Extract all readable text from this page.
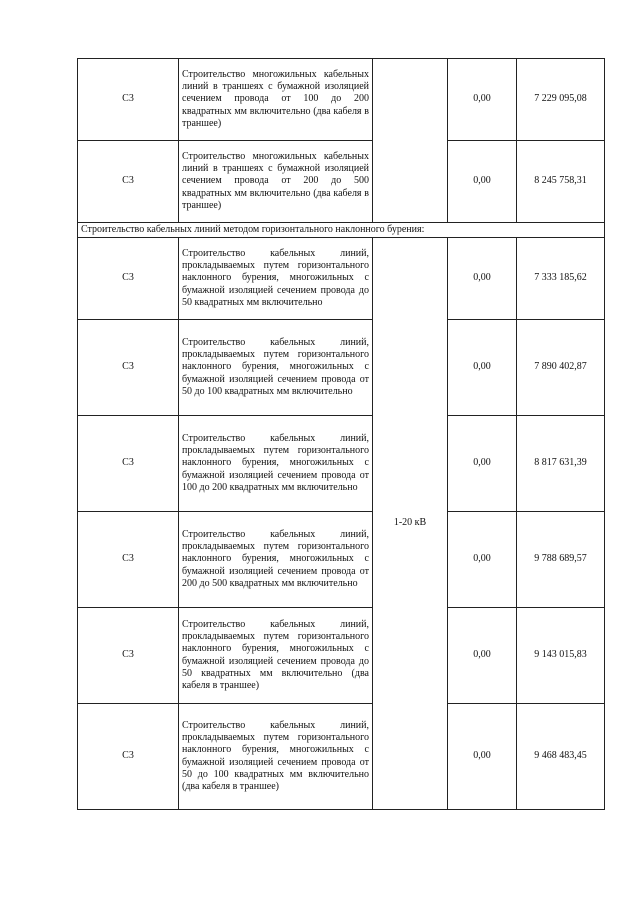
С3	Строительство многожильных кабельных линий в траншеях с бумажной изоляцией сечением провода от 100 до 200 квадратных мм включительно (два кабеля в траншее)		0,00	7 229 095,08
С3	Строительство многожильных кабельных линий в траншеях с бумажной изоляцией сечением провода от 200 до 500 квадратных мм включительно (два кабеля в траншее)		0,00	8 245 758,31
Строительство кабельных линий методом горизонтального наклонного бурения:				
С3	Строительство кабельных линий, прокладываемых путем горизонтального наклонного бурения, многожильных с бумажной изоляцией сечением провода до 50 квадратных мм включительно	1-20 кВ	0,00	7 333 185,62
С3	Строительство кабельных линий, прокладываемых путем горизонтального наклонного бурения, многожильных с бумажной изоляцией сечением провода от 50 до 100 квадратных мм включительно		0,00	7 890 402,87
С3	Строительство кабельных линий, прокладываемых путем горизонтального наклонного бурения, многожильных с бумажной изоляцией сечением провода от 100 до 200 квадратных мм включительно		0,00	8 817 631,39
С3	Строительство кабельных линий, прокладываемых путем горизонтального наклонного бурения, многожильных с бумажной изоляцией сечением провода от 200 до 500 квадратных мм включительно		0,00	9 788 689,57
С3	Строительство кабельных линий, прокладываемых путем горизонтального наклонного бурения, многожильных с бумажной изоляцией сечением провода до 50 квадратных мм включительно (два кабеля в траншее)		0,00	9 143 015,83
С3	Строительство кабельных линий, прокладываемых путем горизонтального наклонного бурения, многожильных с бумажной изоляцией сечением провода от 50 до 100 квадратных мм включительно (два кабеля в траншее)		0,00	9 468 483,45
